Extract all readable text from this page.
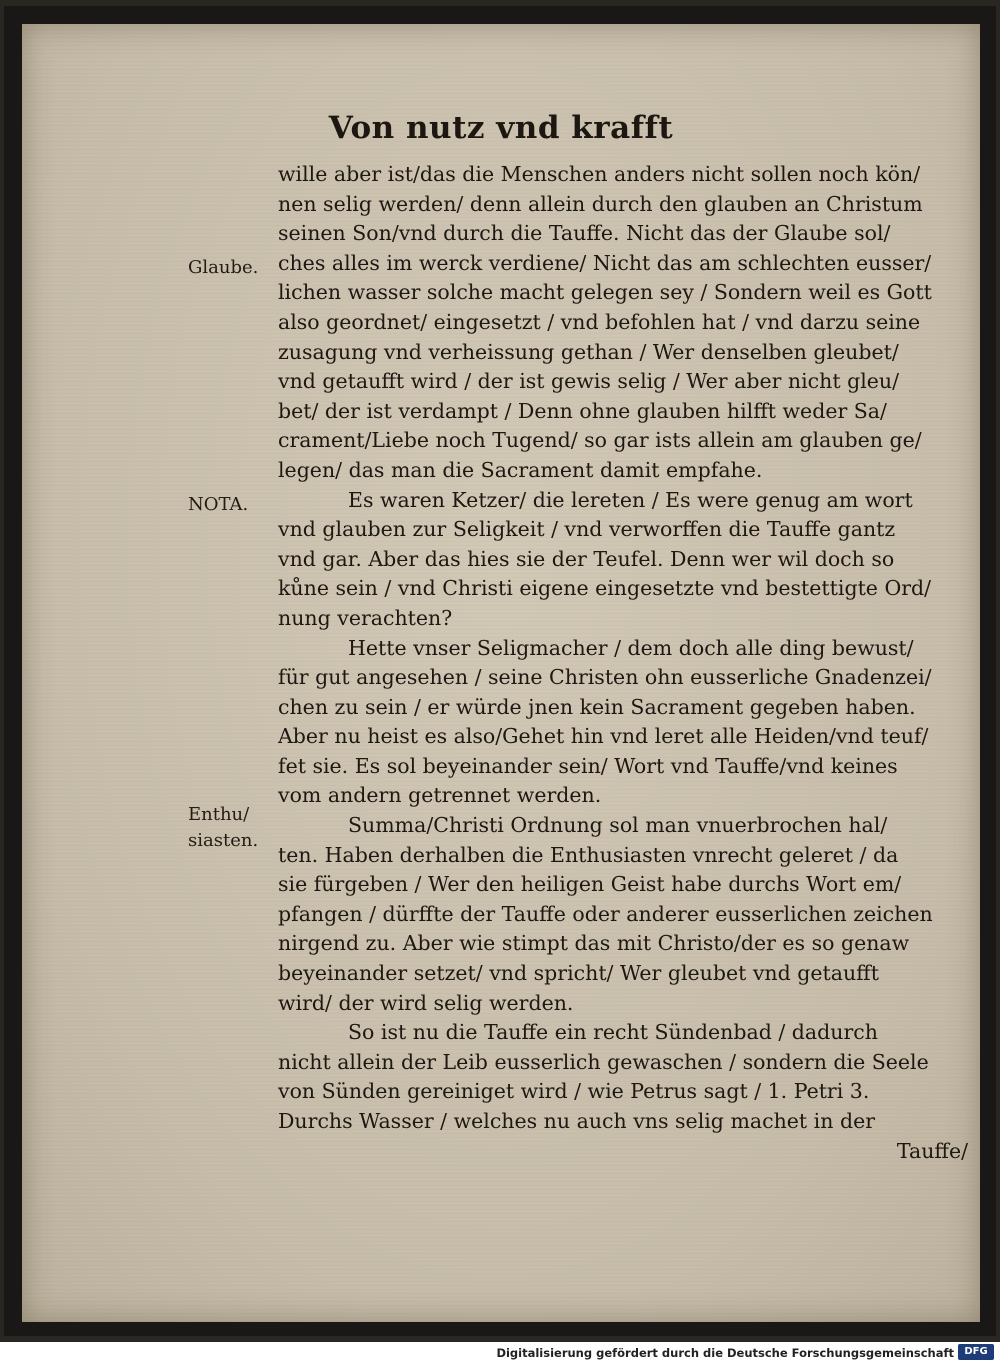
Von nutz vnd krafft
Glaube.
NOTA.
Enthu/
siasten.
wille aber ist/das die Menschen anders nicht sollen noch kön/
nen selig werden/ denn allein durch den glauben an Christum
seinen Son/vnd durch die Tauffe. Nicht das der Glaube sol/
ches alles im werck verdiene/ Nicht das am schlechten eusser/
lichen wasser solche macht gelegen sey / Sondern weil es Gott
also geordnet/ eingesetzt / vnd befohlen hat / vnd darzu seine
zusagung vnd verheissung gethan / Wer denselben gleubet/
vnd getaufft wird / der ist gewis selig / Wer aber nicht gleu/
bet/ der ist verdampt / Denn ohne glauben hilfft weder Sa/
crament/Liebe noch Tugend/ so gar ists allein am glauben ge/
legen/ das man die Sacrament damit empfahe.
Es waren Ketzer/ die lereten / Es were genug am wort
vnd glauben zur Seligkeit / vnd verworffen die Tauffe gantz
vnd gar. Aber das hies sie der Teufel. Denn wer wil doch so
kůne sein / vnd Christi eigene eingesetzte vnd bestettigte Ord/
nung verachten?
Hette vnser Seligmacher / dem doch alle ding bewust/
für gut angesehen / seine Christen ohn eusserliche Gnadenzei/
chen zu sein / er würde jnen kein Sacrament gegeben haben.
Aber nu heist es also/Gehet hin vnd leret alle Heiden/vnd teuf/
fet sie. Es sol beyeinander sein/ Wort vnd Tauffe/vnd keines
vom andern getrennet werden.
Summa/Christi Ordnung sol man vnuerbrochen hal/
ten. Haben derhalben die Enthusiasten vnrecht geleret / da
sie fürgeben / Wer den heiligen Geist habe durchs Wort em/
pfangen / dürffte der Tauffe oder anderer eusserlichen zeichen
nirgend zu. Aber wie stimpt das mit Christo/der es so genaw
beyeinander setzet/ vnd spricht/ Wer gleubet vnd getaufft
wird/ der wird selig werden.
So ist nu die Tauffe ein recht Sündenbad / dadurch
nicht allein der Leib eusserlich gewaschen / sondern die Seele
von Sünden gereiniget wird / wie Petrus sagt / 1. Petri 3.
Durchs Wasser / welches nu auch vns selig machet in der
Tauffe/
Digitalisierung gefördert durch die Deutsche Forschungsgemeinschaft	DFG
